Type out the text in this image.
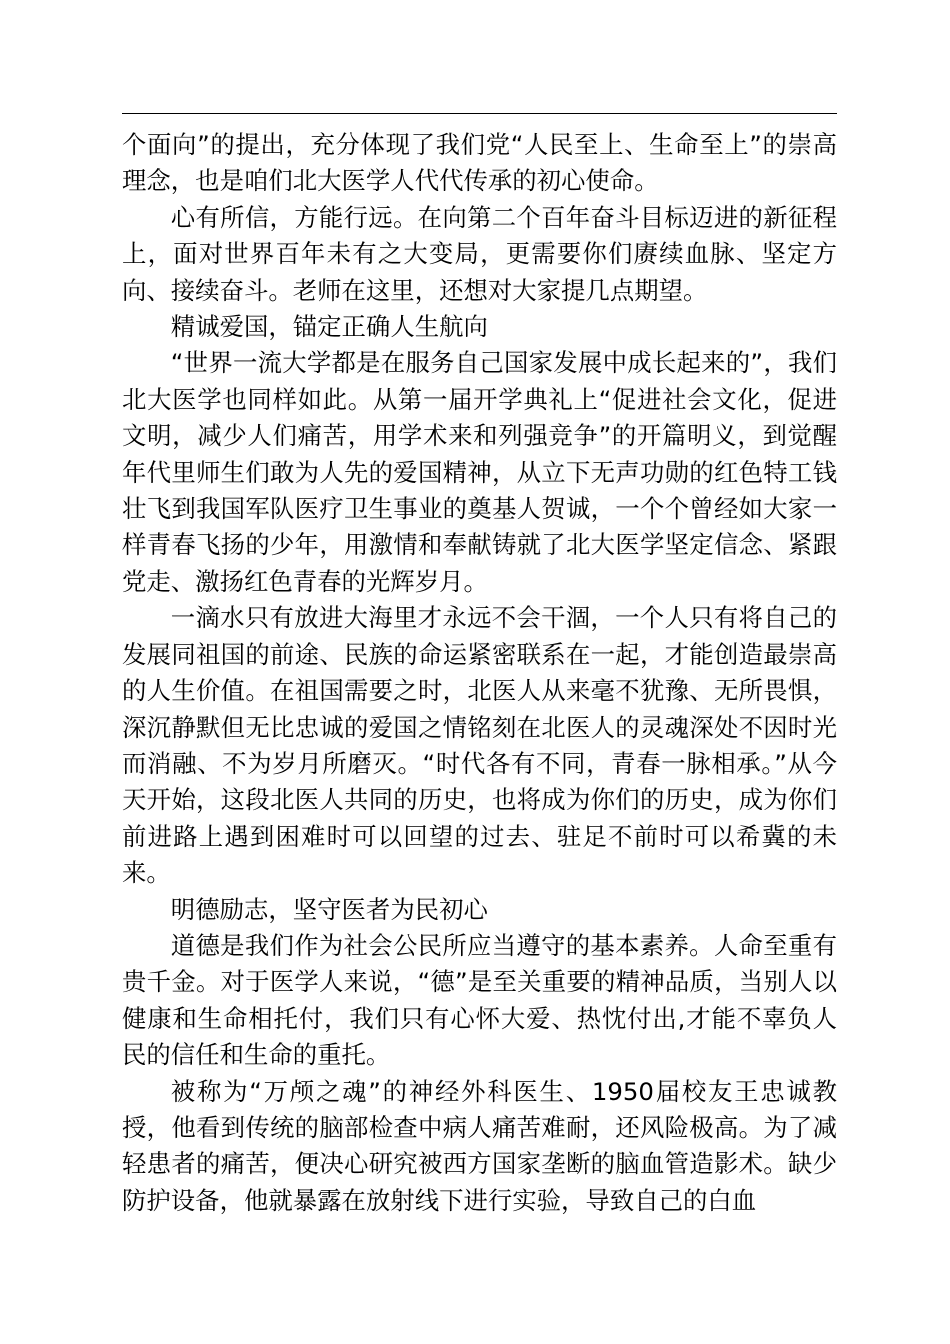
个面向”的提出，充分体现了我们党“人民至上、生命至上”的崇高理念，也是咱们北大医学人代代传承的初心使命。

心有所信，方能行远。在向第二个百年奋斗目标迈进的新征程上，面对世界百年未有之大变局，更需要你们赓续血脉、坚定方向、接续奋斗。老师在这里，还想对大家提几点期望。

精诚爱国，锚定正确人生航向

“世界一流大学都是在服务自己国家发展中成长起来的”，我们北大医学也同样如此。从第一届开学典礼上“促进社会文化，促进文明，减少人们痛苦，用学术来和列强竞争”的开篇明义，到觉醒年代里师生们敢为人先的爱国精神，从立下无声功勋的红色特工钱壮飞到我国军队医疗卫生事业的奠基人贺诚，一个个曾经如大家一样青春飞扬的少年，用激情和奉献铸就了北大医学坚定信念、紧跟党走、激扬红色青春的光辉岁月。

一滴水只有放进大海里才永远不会干涸，一个人只有将自己的发展同祖国的前途、民族的命运紧密联系在一起，才能创造最崇高的人生价值。在祖国需要之时，北医人从来毫不犹豫、无所畏惧，深沉静默但无比忠诚的爱国之情铭刻在北医人的灵魂深处不因时光而消融、不为岁月所磨灭。“时代各有不同，青春一脉相承。”从今天开始，这段北医人共同的历史，也将成为你们的历史，成为你们前进路上遇到困难时可以回望的过去、驻足不前时可以希冀的未来。

明德励志，坚守医者为民初心

道德是我们作为社会公民所应当遵守的基本素养。人命至重有贵千金。对于医学人来说，“德”是至关重要的精神品质，当别人以健康和生命相托付，我们只有心怀大爱、热忱付出,才能不辜负人民的信任和生命的重托。

被称为“万颅之魂”的神经外科医生、1950届校友王忠诚教授，他看到传统的脑部检查中病人痛苦难耐，还风险极高。为了减轻患者的痛苦，便决心研究被西方国家垄断的脑血管造影术。缺少防护设备，他就暴露在放射线下进行实验，导致自己的白血
